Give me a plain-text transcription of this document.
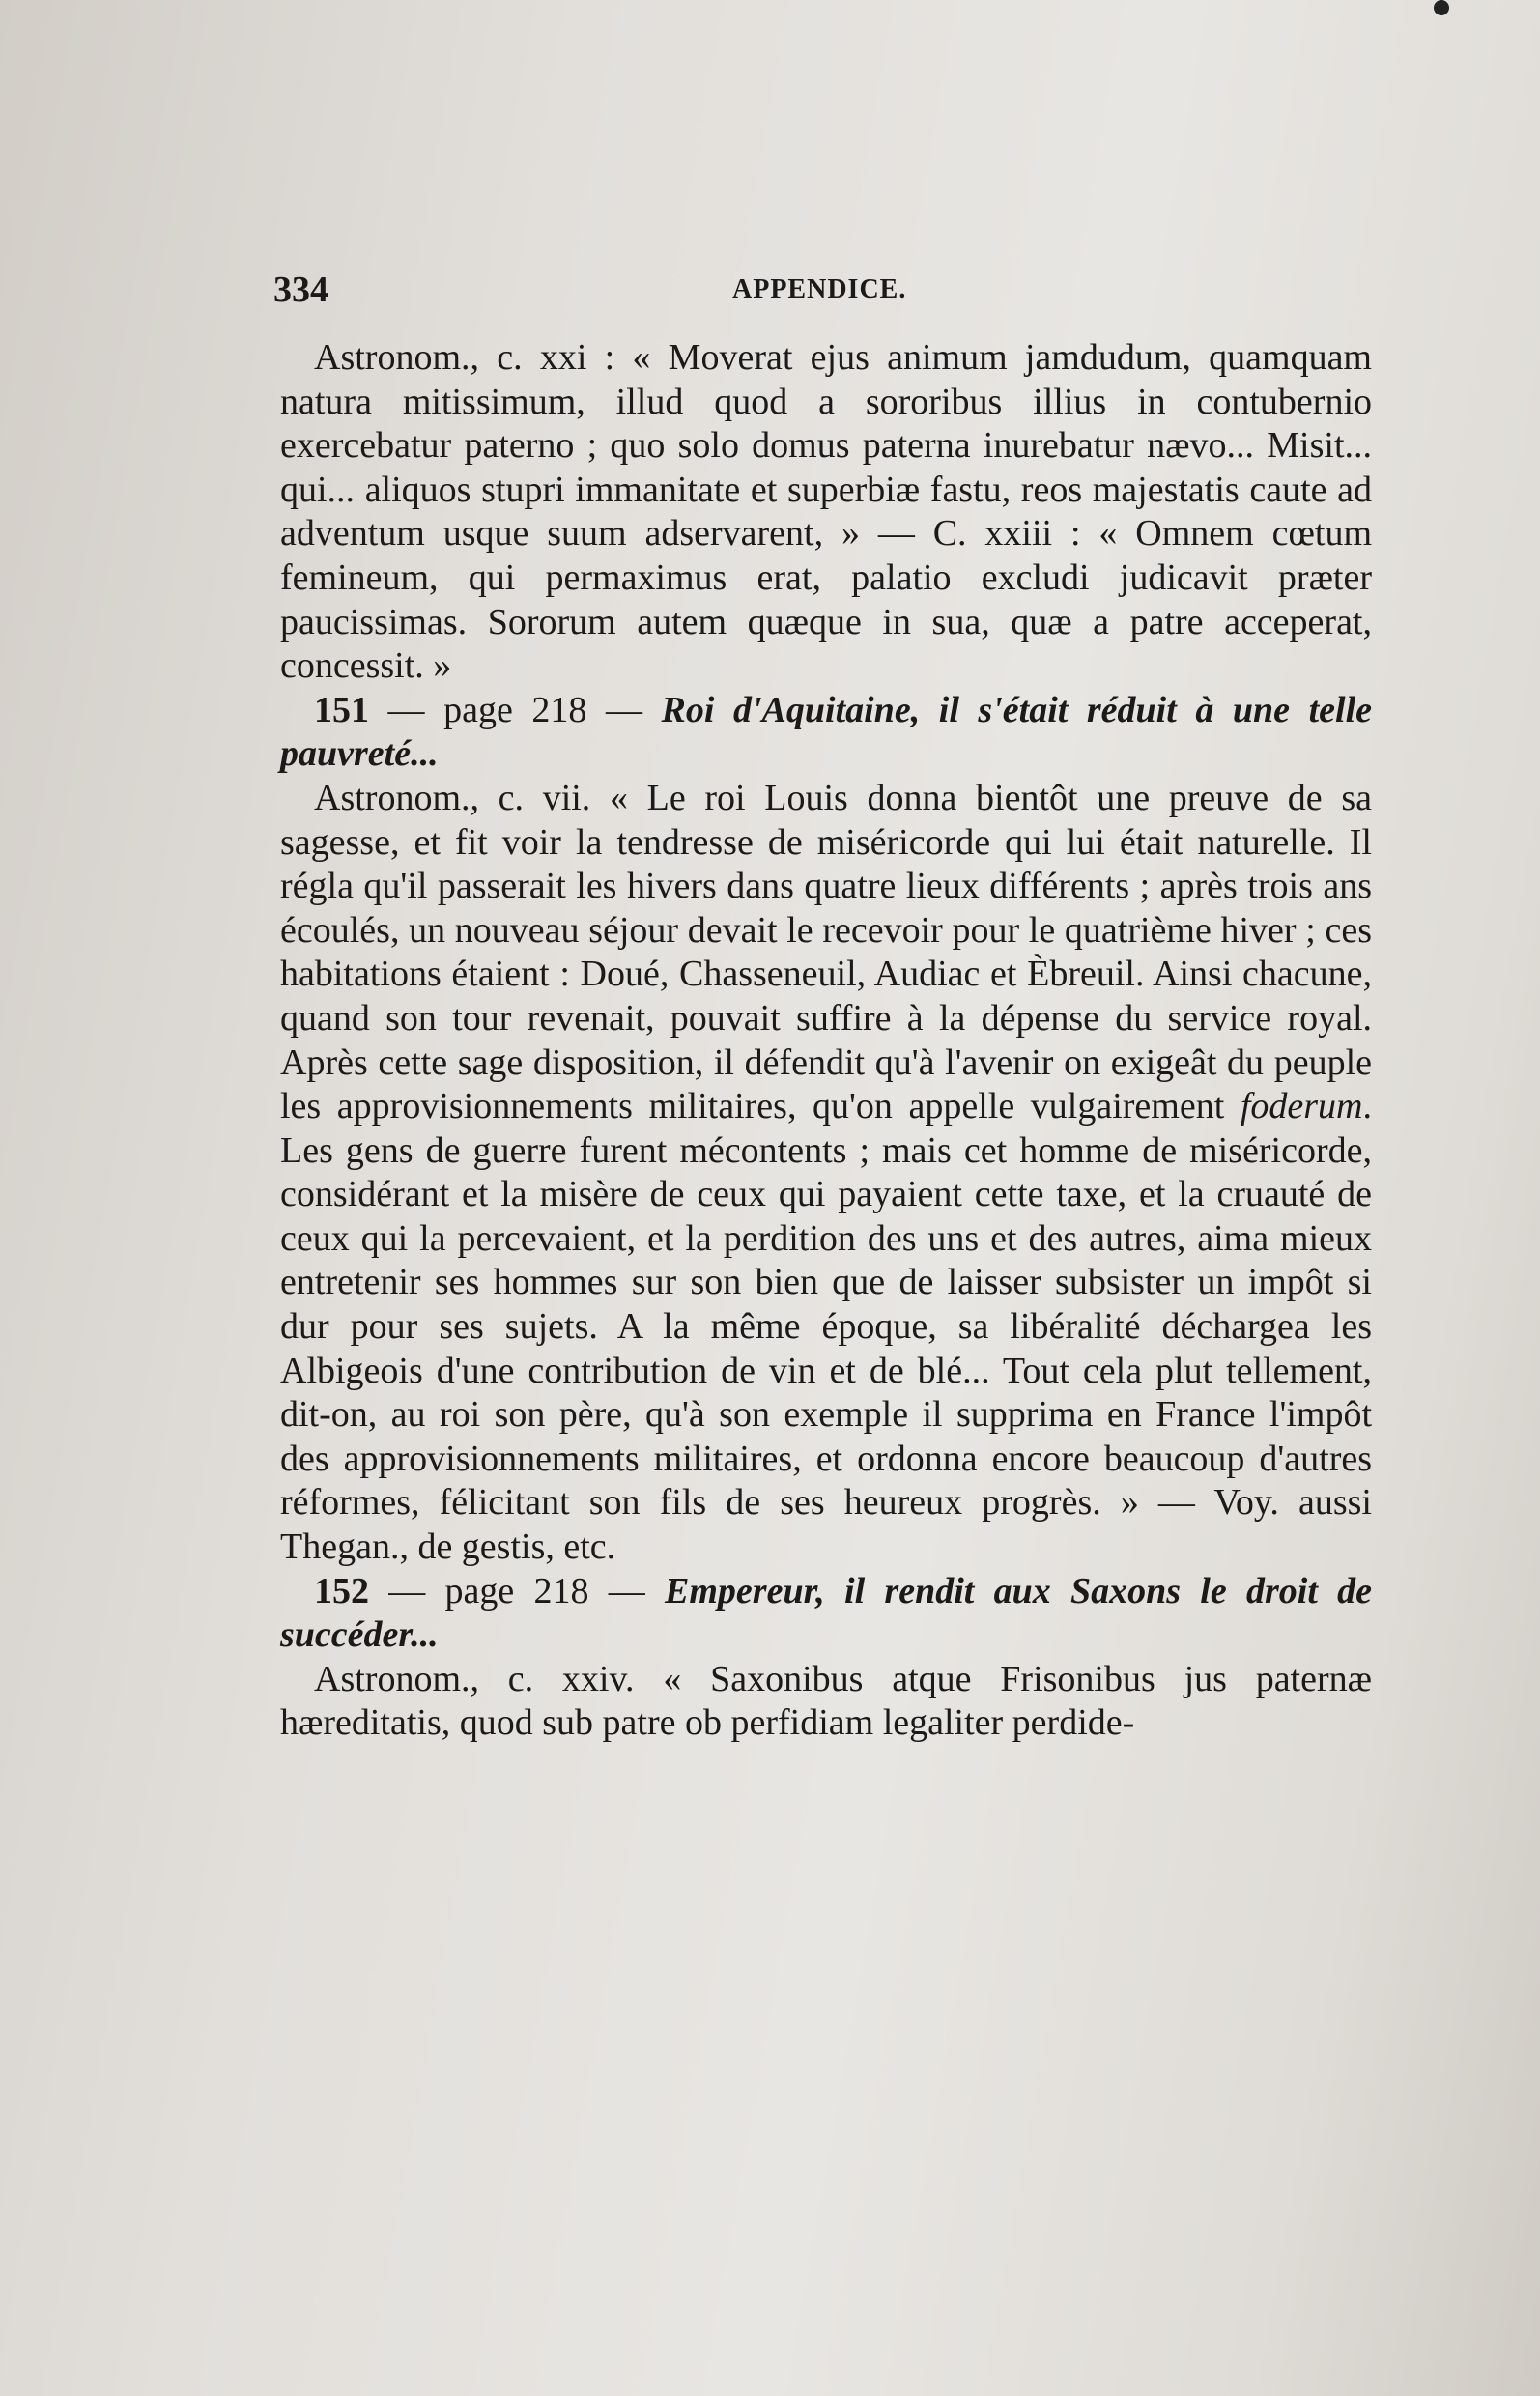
334	APPENDICE.

Astronom., c. xxi : « Moverat ejus animum jamdudum, quamquam natura mitissimum, illud quod a sororibus illius in contubernio exercebatur paterno ; quo solo domus paterna inurebatur nævo... Misit... qui... aliquos stupri immanitate et superbiæ fastu, reos majestatis caute ad adventum usque suum adservarent, » — C. xxiii : « Omnem cœtum femineum, qui permaximus erat, palatio excludi judicavit præter paucissimas. Sororum autem quæque in sua, quæ a patre acceperat, concessit. »

151 — page 218 — Roi d'Aquitaine, il s'était réduit à une telle pauvreté...

Astronom., c. vii. « Le roi Louis donna bientôt une preuve de sa sagesse, et fit voir la tendresse de miséricorde qui lui était naturelle. Il régla qu'il passerait les hivers dans quatre lieux différents ; après trois ans écoulés, un nouveau séjour devait le recevoir pour le quatrième hiver ; ces habitations étaient : Doué, Chasseneuil, Audiac et Èbreuil. Ainsi chacune, quand son tour revenait, pouvait suffire à la dépense du service royal. Après cette sage disposition, il défendit qu'à l'avenir on exigeât du peuple les approvisionnements militaires, qu'on appelle vulgairement foderum. Les gens de guerre furent mécontents ; mais cet homme de miséricorde, considérant et la misère de ceux qui payaient cette taxe, et la cruauté de ceux qui la percevaient, et la perdition des uns et des autres, aima mieux entretenir ses hommes sur son bien que de laisser subsister un impôt si dur pour ses sujets. A la même époque, sa libéralité déchargea les Albigeois d'une contribution de vin et de blé... Tout cela plut tellement, dit-on, au roi son père, qu'à son exemple il supprima en France l'impôt des approvisionnements militaires, et ordonna encore beaucoup d'autres réformes, félicitant son fils de ses heureux progrès. » — Voy. aussi Thegan., de gestis, etc.

152 — page 218 — Empereur, il rendit aux Saxons le droit de succéder...

Astronom., c. xxiv. « Saxonibus atque Frisonibus jus paternæ hæreditatis, quod sub patre ob perfidiam legaliter perdide-
